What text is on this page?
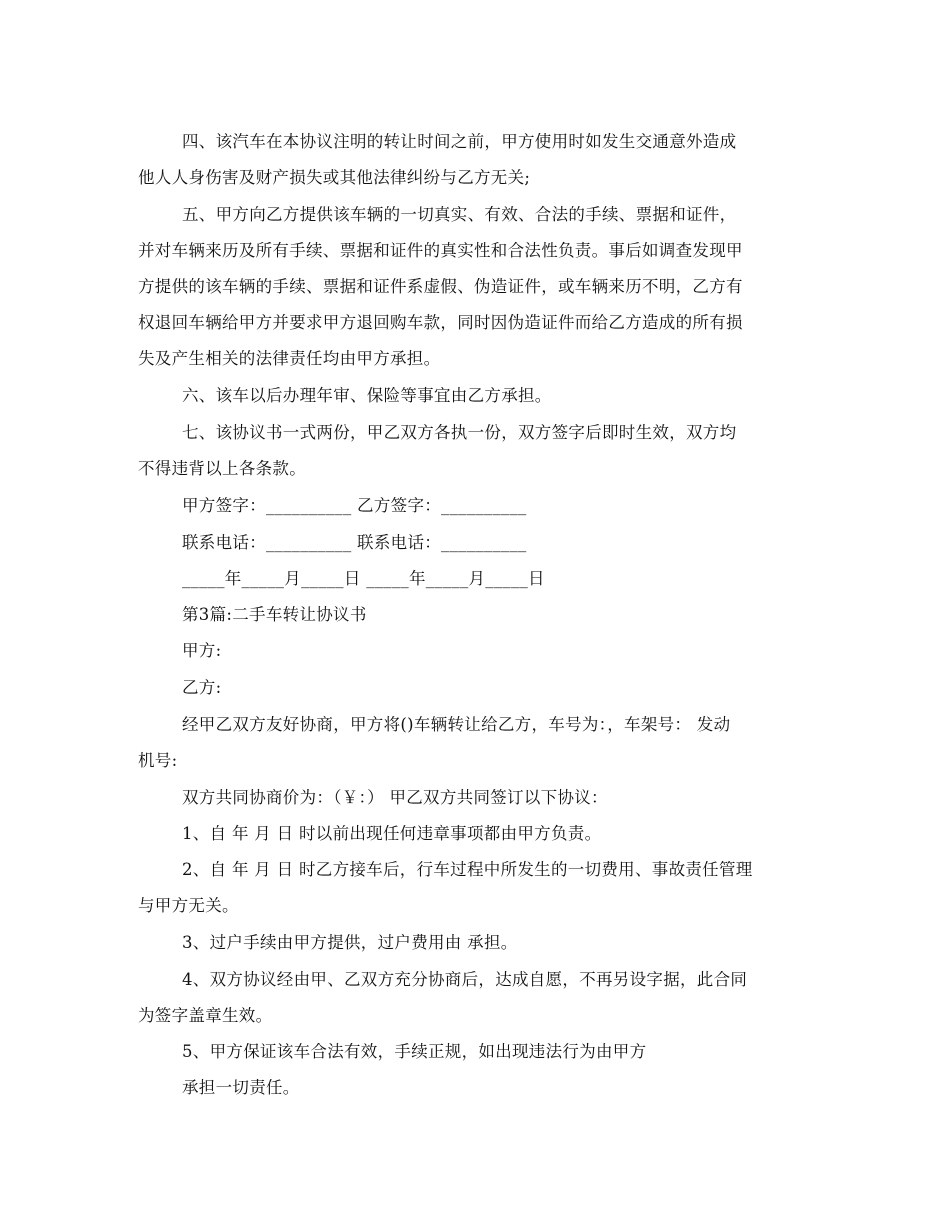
四、该汽车在本协议注明的转让时间之前，甲方使用时如发生交通意外造成

他人人身伤害及财产损失或其他法律纠纷与乙方无关;

五、甲方向乙方提供该车辆的一切真实、有效、合法的手续、票据和证件，

并对车辆来历及所有手续、票据和证件的真实性和合法性负责。事后如调查发现甲

方提供的该车辆的手续、票据和证件系虚假、伪造证件，或车辆来历不明，乙方有

权退回车辆给甲方并要求甲方退回购车款，同时因伪造证件而给乙方造成的所有损

失及产生相关的法律责任均由甲方承担。

六、该车以后办理年审、保险等事宜由乙方承担。

七、该协议书一式两份，甲乙双方各执一份，双方签字后即时生效，双方均

不得违背以上各条款。

甲方签字：__________ 乙方签字：__________

联系电话：__________ 联系电话：__________

_____年_____月_____日 _____年_____月_____日

第3篇:二手车转让协议书

甲方:

乙方:

经甲乙双方友好协商，甲方将()车辆转让给乙方，车号为：，车架号： 发动

机号:

双方共同协商价为：（￥：） 甲乙双方共同签订以下协议：

1、自 年 月 日 时以前出现任何违章事项都由甲方负责。

2、自 年 月 日 时乙方接车后，行车过程中所发生的一切费用、事故责任管理

与甲方无关。

3、过户手续由甲方提供，过户费用由 承担。

4、双方协议经由甲、乙双方充分协商后，达成自愿，不再另设字据，此合同

为签字盖章生效。

5、甲方保证该车合法有效，手续正规，如出现违法行为由甲方

承担一切责任。
